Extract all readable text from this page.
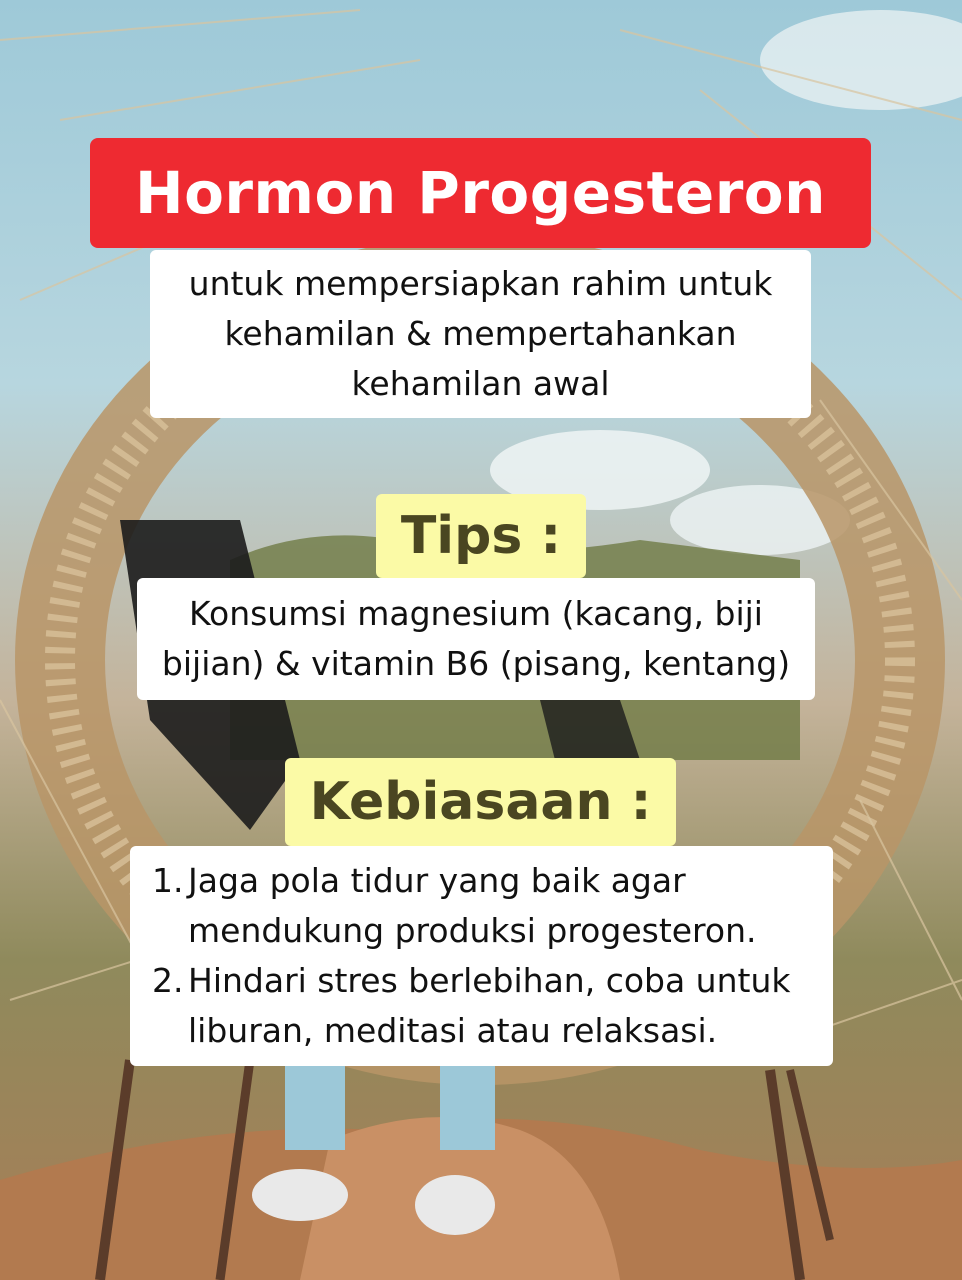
Hormon Progesteron
untuk mempersiapkan rahim untuk kehamilan & mempertahankan kehamilan awal
Tips :
Konsumsi magnesium (kacang, biji bijian) & vitamin B6 (pisang, kentang)
Kebiasaan :
1. Jaga pola tidur yang baik agar mendukung produksi progesteron.
2. Hindari stres berlebihan, coba untuk liburan, meditasi atau relaksasi.
